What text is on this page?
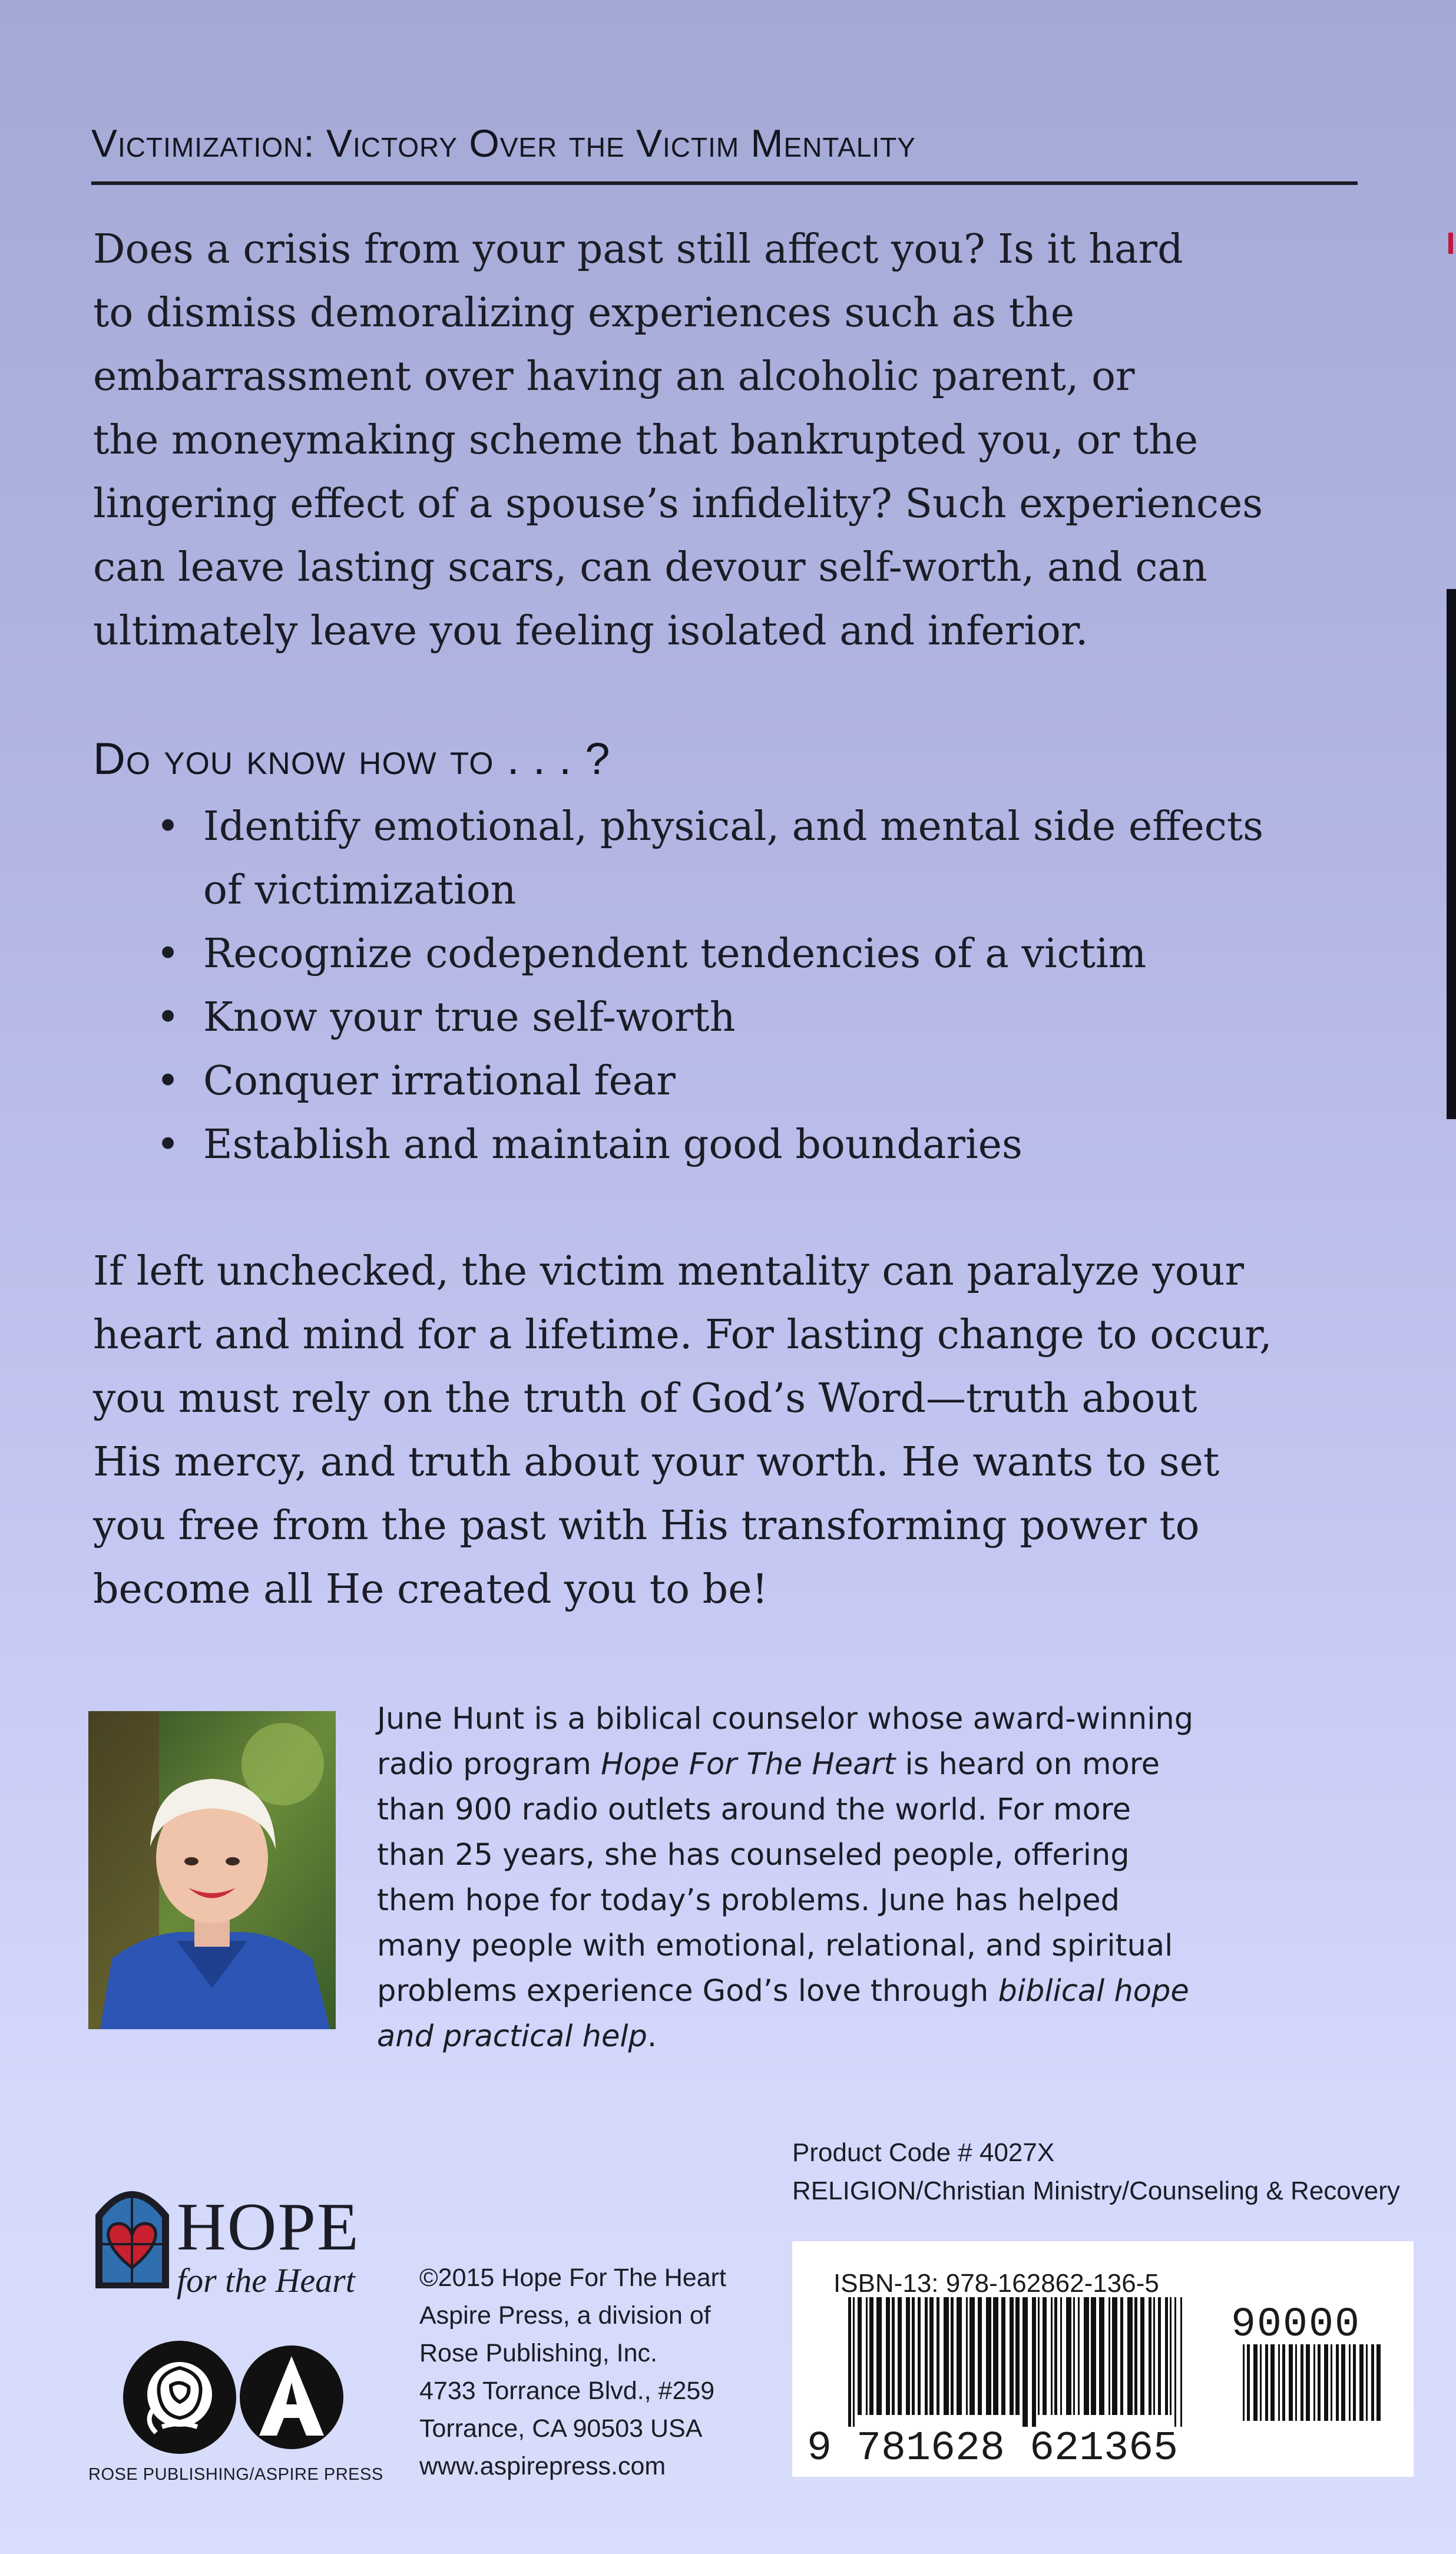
Victimization: Victory Over the Victim Mentality

Does a crisis from your past still affect you? Is it hard
to dismiss demoralizing experiences such as the
embarrassment over having an alcoholic parent, or
the moneymaking scheme that bankrupted you, or the
lingering effect of a spouse’s infidelity? Such experiences
can leave lasting scars, can devour self-worth, and can
ultimately leave you feeling isolated and inferior.

Do you know how to . . . ?
• Identify emotional, physical, and mental side effects
of victimization
• Recognize codependent tendencies of a victim
• Know your true self-worth
• Conquer irrational fear
• Establish and maintain good boundaries

If left unchecked, the victim mentality can paralyze your
heart and mind for a lifetime. For lasting change to occur,
you must rely on the truth of God’s Word—truth about
His mercy, and truth about your worth. He wants to set
you free from the past with His transforming power to
become all He created you to be!

June Hunt is a biblical counselor whose award-winning
radio program Hope For The Heart is heard on more
than 900 radio outlets around the world. For more
than 25 years, she has counseled people, offering
them hope for today’s problems. June has helped
many people with emotional, relational, and spiritual
problems experience God’s love through biblical hope
and practical help.
Product Code # 4027X
RELIGION/Christian Ministry/Counseling & Recovery
ISBN-13: 978-162862-136-5
90000
9 781628 621365
HOPE
for the Heart
ROSE PUBLISHING/ASPIRE PRESS
©2015 Hope For The Heart
Aspire Press, a division of
Rose Publishing, Inc.
4733 Torrance Blvd., #259
Torrance, CA 90503 USA
www.aspirepress.com
